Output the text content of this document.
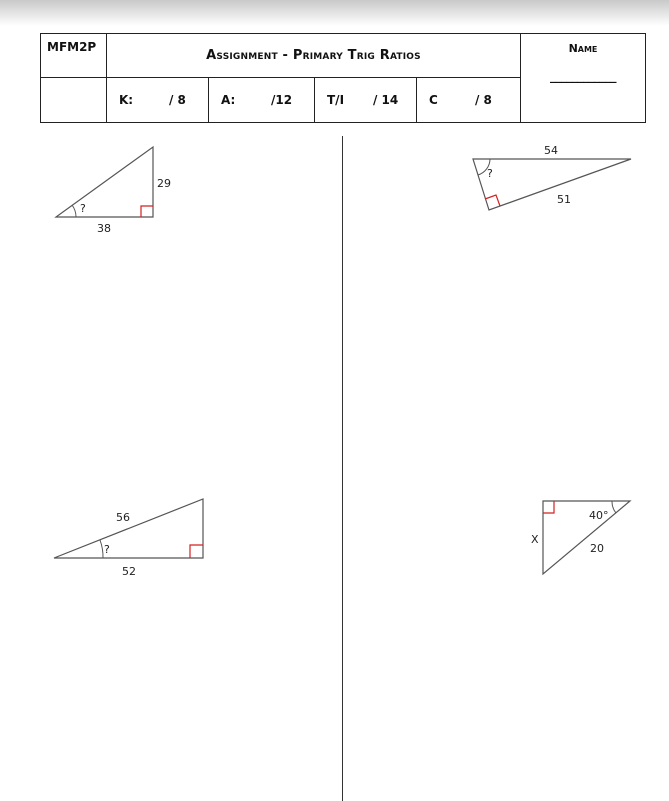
MFM2P	Assignment - Primary Trig Ratios				Name
____________

	K: / 8	A: /12	T/I / 14	C / 8	
?
29
38
?
54
51
?
56
52
40°
20
X
